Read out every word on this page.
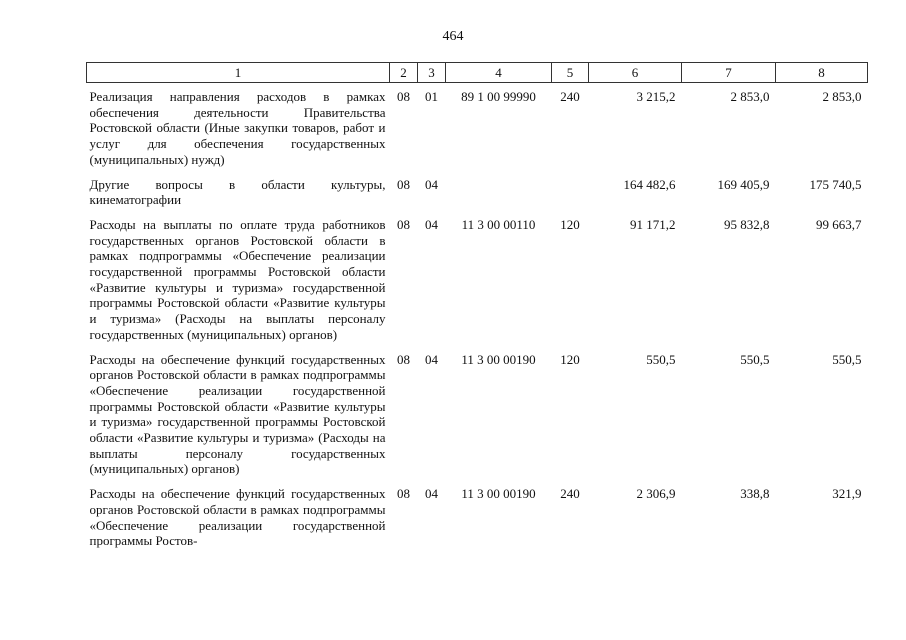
464
1	2	3	4	5	6	7	8
Реализация направления расходов в рамках обеспечения деятельности Правительства Ростовской области (Иные закупки товаров, работ и услуг для обеспечения государственных (муниципальных) нужд)	08	01	89 1 00 99990	240	3 215,2	2 853,0	2 853,0
Другие вопросы в области культуры, кинематографии	08	04			164 482,6	169 405,9	175 740,5
Расходы на выплаты по оплате труда работников государственных органов Ростовской области в рамках подпрограммы «Обеспечение реализации государственной программы Ростовской области «Развитие культуры и туризма» государственной программы Ростовской области «Развитие культуры и туризма» (Расходы на выплаты персоналу государственных (муниципальных) органов)	08	04	11 3 00 00110	120	91 171,2	95 832,8	99 663,7
Расходы на обеспечение функций государственных органов Ростовской области в рамках подпрограммы «Обеспечение реализации государственной программы Ростовской области «Развитие культуры и туризма» государственной программы Ростовской области «Развитие культуры и туризма» (Расходы на выплаты персоналу государственных (муниципальных) органов)	08	04	11 3 00 00190	120	550,5	550,5	550,5
Расходы на обеспечение функций государственных органов Ростовской области в рамках подпрограммы «Обеспечение реализации государственной программы Ростов-	08	04	11 3 00 00190	240	2 306,9	338,8	321,9
